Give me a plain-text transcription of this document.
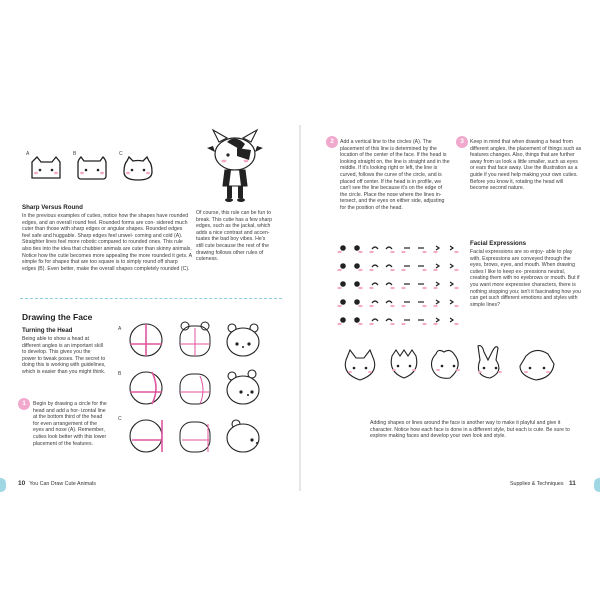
A	B	C
Sharp Versus Round
In the previous examples of cuties, notice how the shapes have rounded edges, and an overall round feel. Rounded forms are con- sidered much cuter than those with sharp edges or angular shapes. Rounded edges feel safe and huggable. Sharp edges feel unwel- coming and cold (A). Straighter lines feel more robotic compared to rounded ones. This rule also ties into the idea that chubbier animals are cuter than skinny animals. Notice how the cutie becomes more appealing the more rounded it gets. A simple fix for shapes that are too square is to simply round off sharp edges (B). Even better, make the overall shapes completely rounded (C).
Of course, this rule can be fun to break. This cutie has a few sharp edges, such as the jackal, which adds a nice contrast and accen- tuates the bad boy vibes. He's still cute because the rest of the drawing follows other rules of cuteness.
Drawing the Face
Turning the Head
Being able to show a head at different angles is an important skill to develop. This gives you the power to tweak poses. The secret to doing this is working with guidelines, which is easier than you might think.
1	Begin by drawing a circle for the head and add a hor- izontal line at the bottom third of the head for even arrangement of the eyes and nose (A). Remember, cuties look better with this lower placement of the features.
A
B
C
10 You Can Draw Cute Animals
2	Add a vertical line to the circles (A). The placement of this line is determined by the location of the center of the face. If the head is looking straight on, the line is straight and in the middle. If it's looking right or left, the line is curved, follows the curve of the circle, and is placed off center. If the head is in profile, we can't see the line because it's on the edge of the circle. Place the nose where the lines in- tersect, and the eyes on either side, adjusting for the position of the head.
3	Keep in mind that when drawing a head from different angles, the placement of things such as features changes. Also, things that are further away from us look a little smaller, such as eyes or ears that face away. Use the illustration as a guide if you need help making your own cuties. Before you know it, rotating the head will become second nature.
Facial Expressions
Facial expressions are so enjoy- able to play with. Expressions are conveyed through the eyes, brows, eyes, and mouth. When drawing cuties I like to keep ex- pressions neutral, creating them with no eyebrows or mouth. But if you want more expressive characters, there is nothing stopping you; isn't it fascinating how you can get such different emotions and styles with simple lines?
Adding shapes or lines around the face is another way to make it playful and give it character. Notice how each face is done in a different style, but each is cute. Be sure to explore making faces and develop your own look and style.
Supplies & Techniques 11
